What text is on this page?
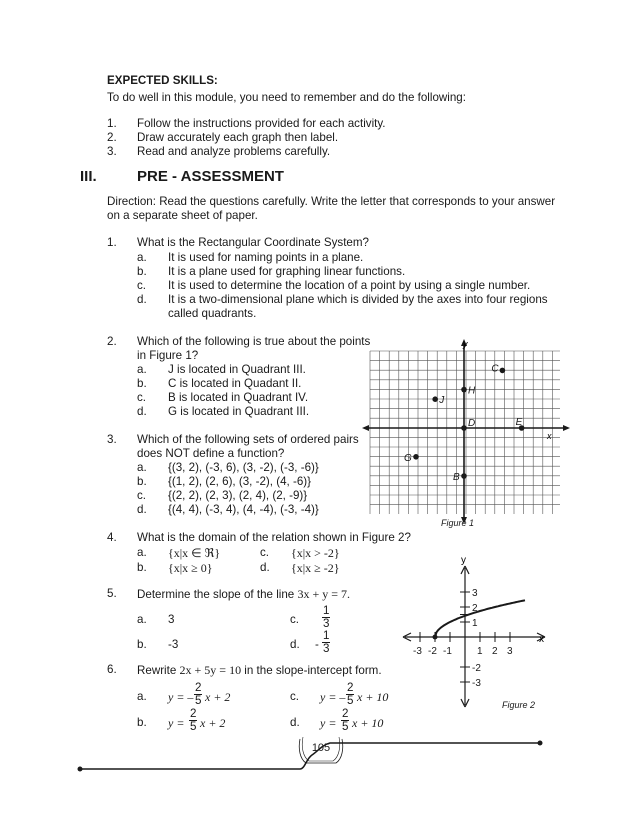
EXPECTED SKILLS:
To do well in this module, you need to remember and do the following:
1. Follow the instructions provided for each activity.
2. Draw accurately each graph then label.
3. Read and analyze problems carefully.
III.	PRE - ASSESSMENT
Direction: Read the questions carefully. Write the letter that corresponds to your answer
on a separate sheet of paper.
1. What is the Rectangular Coordinate System?
a. It is used for naming points in a plane.
b. It is a plane used for graphing linear functions.
c. It is used to determine the location of a point by using a single number.
d. It is a two-dimensional plane which is divided by the axes into four regions
called quadrants.
2. Which of the following is true about the points
in Figure 1?
a. J is located in Quadrant III.
b. C is located in Quadant II.
c. B is located in Quadrant IV.
d. G is located in Quadrant III.
3. Which of the following sets of ordered pairs
does NOT define a function?
a. {(3, 2), (-3, 6), (3, -2), (-3, -6)}
b. {(1, 2), (2, 6), (3, -2), (4, -6)}
c. {(2, 2), (2, 3), (2, 4), (2, -9)}
d. {(4, 4), (-3, 4), (4, -4), (-3, -4)}
J
H
C
D	E
G
B
y
x
Figure 1
4. What is the domain of the relation shown in Figure 2?
a. {x|x ∈ ℜ}	c. {x|x > -2}
b. {x|x ≥ 0}	d. {x|x ≥ -2}
5. Determine the slope of the line 3x + y = 7.
a. 3	c. $\frac{1}{3}$
b. -3	d. - $\frac{1}{3}$
6. Rewrite 2x + 5y = 10 in the slope-intercept form.
a. y = – $\frac{2}{5}$ x + 2	c. y = – $\frac{2}{5}$ x + 10
b. $y = \frac{2}{5}$ x + 2	d. $y = \frac{2}{5}$ x + 10
-3 -2 -1	1 2 3
3
2
1
-2
-3
y
x
Figure 2
105
